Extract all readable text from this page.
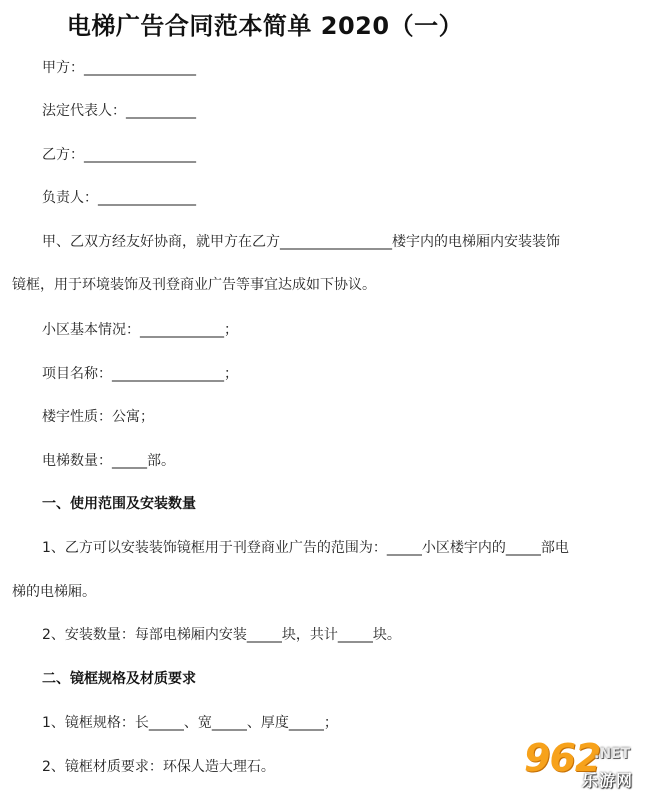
电梯广告合同范本简单 2020（一）
甲方：________________
法定代表人：__________
乙方：________________
负责人：______________
甲、乙双方经友好协商，就甲方在乙方________________楼宇内的电梯厢内安装装饰
镜框，用于环境装饰及刊登商业广告等事宜达成如下协议。
小区基本情况：____________；
项目名称：________________；
楼宇性质：公寓；
电梯数量：_____部。
一、使用范围及安装数量
1、乙方可以安装装饰镜框用于刊登商业广告的范围为：_____小区楼宇内的_____部电
梯的电梯厢。
2、安装数量：每部电梯厢内安装_____块，共计_____块。
二、镜框规格及材质要求
1、镜框规格：长_____、宽_____、厚度_____；
2、镜框材质要求：环保人造大理石。	962
.NET
乐游网
